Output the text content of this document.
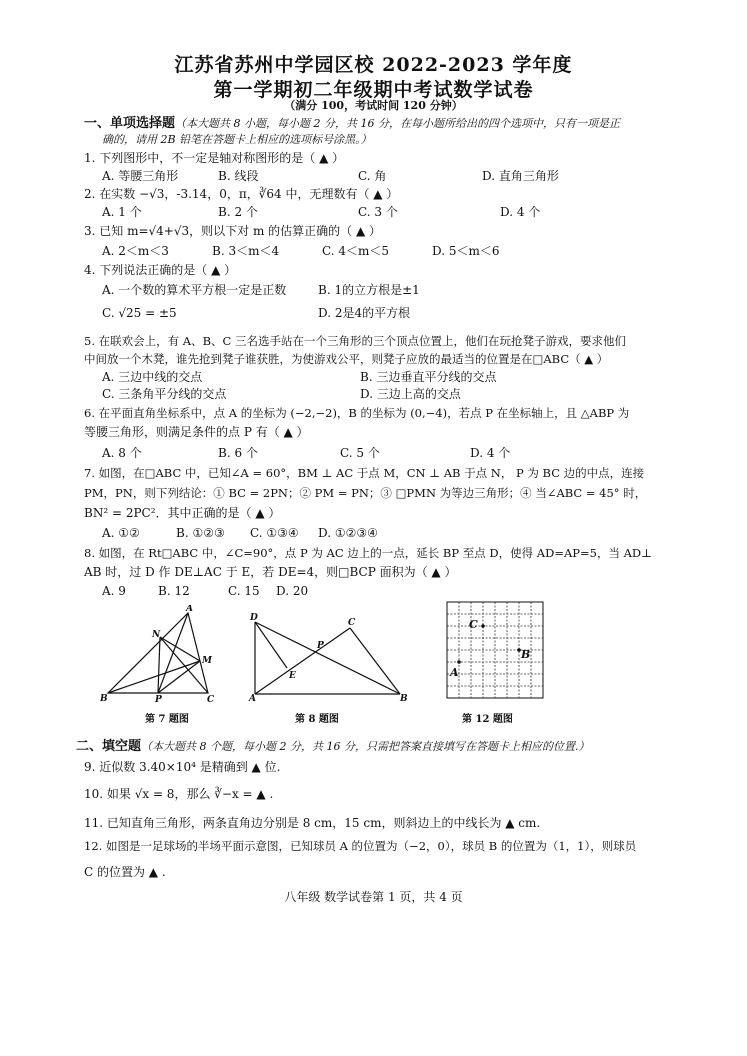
江苏省苏州中学园区校 2022-2023 学年度
第一学期初二年级期中考试数学试卷
（满分 100，考试时间 120 分钟）
一、单项选择题（本大题共 8 小题，每小题 2 分，共 16 分，在每小题所给出的四个选项中，只有一项是正
确的，请用 2B 铅笔在答题卡上相应的选项标号涂黑。）
1. 下列图形中，不一定是轴对称图形的是（ ▲ ）
A. 等腰三角形	B. 线段	C. 角	D. 直角三角形
2. 在实数 −√3，-3.14，0，π，∛64 中，无理数有（ ▲ ）
A. 1 个	B. 2 个	C. 3 个	D. 4 个
3. 已知 m=√4+√3，则以下对 m 的估算正确的（ ▲ ）
A. 2＜m＜3	B. 3＜m＜4	C. 4＜m＜5	D. 5＜m＜6
4. 下列说法正确的是（ ▲ ）
A. 一个数的算术平方根一定是正数	B. 1的立方根是±1
C. √25 = ±5	D. 2是4的平方根
5. 在联欢会上，有 A、B、C 三名选手站在一个三角形的三个顶点位置上，他们在玩抢凳子游戏，要求他们
中间放一个木凳，谁先抢到凳子谁获胜，为使游戏公平，则凳子应放的最适当的位置是在□ABC（ ▲ ）
A. 三边中线的交点	B. 三边垂直平分线的交点
C. 三条角平分线的交点	D. 三边上高的交点
6. 在平面直角坐标系中，点 A 的坐标为 (−2,−2)，B 的坐标为 (0,−4)，若点 P 在坐标轴上，且 △ABP 为
等腰三角形，则满足条件的点 P 有（ ▲ ）
A. 8 个	B. 6 个	C. 5 个	D. 4 个
7. 如图，在□ABC 中，已知∠A = 60°，BM ⊥ AC 于点 M，CN ⊥ AB 于点 N， P 为 BC 边的中点，连接
PM，PN，则下列结论：① BC = 2PN；② PM = PN；③ □PMN 为等边三角形；④ 当∠ABC = 45° 时，
BN² = 2PC²．其中正确的是（ ▲ ）
A. ①②	B. ①②③ C. ①③④ D. ①②③④
8. 如图，在 Rt□ABC 中，∠C=90°，点 P 为 AC 边上的一点，延长 BP 至点 D，使得 AD=AP=5，当 AD⊥
AB 时，过 D 作 DE⊥AC 于 E，若 DE=4，则□BCP 面积为（ ▲ ）
A. 9	B. 12	C. 15 D. 20
A
B	C
N
M
P
第 7 题图
D	C
P
E
A	B
第 8 题图
C
B
A
第 12 题图
二、填空题（本大题共 8 个题，每小题 2 分，共 16 分，只需把答案直接填写在答题卡上相应的位置.）
9. 近似数 3.40×10⁴ 是精确到 ▲ 位.
10. 如果 √x = 8，那么 ∛−x = ▲ .
11. 已知直角三角形，两条直角边分别是 8 cm，15 cm，则斜边上的中线长为 ▲ cm.
12. 如图是一足球场的半场平面示意图，已知球员 A 的位置为（−2，0），球员 B 的位置为（1，1），则球员
C 的位置为 ▲ .
八年级 数学试卷第 1 页，共 4 页
